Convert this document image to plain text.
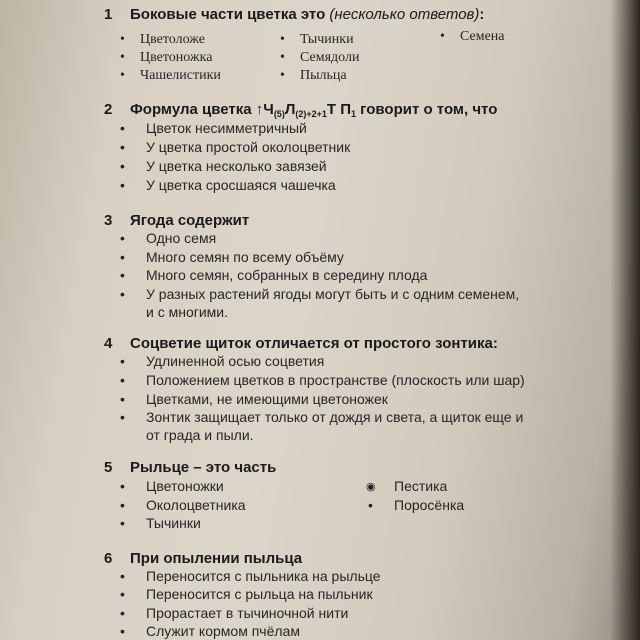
1 Боковые части цветка это (несколько ответов):
• Цветоложе
• Цветоножка
• Чашелистики
• Тычинки
• Семядоли
• Пыльца
• Семена
2 Формула цветка $↑Ч_{(5)}Л_{(2)+2+1}Т$ $П_1$ говорит о том, что
• Цветок несимметричный
• У цветка простой околоцветник
• У цветка несколько завязей
• У цветка сросшаяся чашечка
3 Ягода содержит
• Одно семя
• Много семян по всему объёму
• Много семян, собранных в середину плода
• У разных растений ягоды могут быть и с одним семенем,
и с многими.
4 Соцветие щиток отличается от простого зонтика:
• Удлиненной осью соцветия
• Положением цветков в пространстве (плоскость или шар)
• Цветками, не имеющими цветоножек
• Зонтик защищает только от дождя и света, а щиток еще и
от града и пыли.
5 Рыльце – это часть
• Цветоножки
• Околоцветника
• Тычинки
◉ Пестика
• Поросёнка
6 При опылении пыльца
• Переносится с пыльника на рыльце
• Переносится с рыльца на пыльник
• Прорастает в тычиночной нити
• Служит кормом пчёлам
